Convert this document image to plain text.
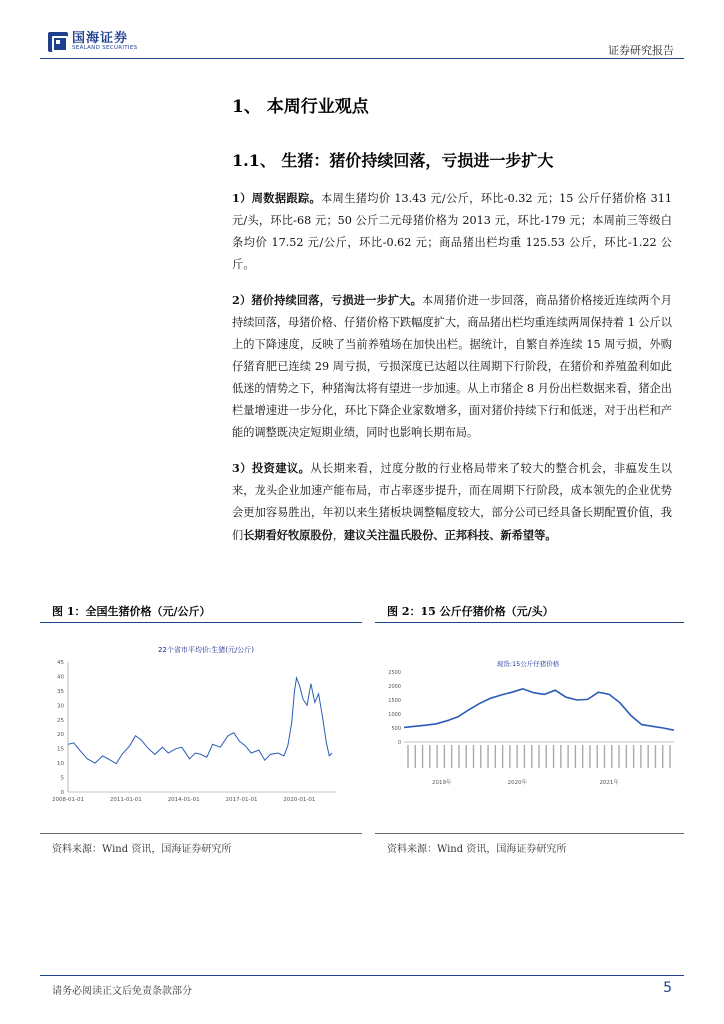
国海证券
SEALAND SECURITIES	证券研究报告
1、 本周行业观点
1.1、 生猪：猪价持续回落，亏损进一步扩大
1）周数据跟踪。本周生猪均价 13.43 元/公斤，环比-0.32 元；15 公斤仔猪价格 311 元/头，环比-68 元；50 公斤二元母猪价格为 2013 元，环比-179 元；本周前三等级白条均价 17.52 元/公斤，环比-0.62 元；商品猪出栏均重 125.53 公斤，环比-1.22 公斤。
2）猪价持续回落，亏损进一步扩大。本周猪价进一步回落，商品猪价格接近连续两个月持续回落，母猪价格、仔猪价格下跌幅度扩大，商品猪出栏均重连续两周保持着 1 公斤以上的下降速度，反映了当前养殖场在加快出栏。据统计，自繁自养连续 15 周亏损，外购仔猪育肥已连续 29 周亏损，亏损深度已达超以往周期下行阶段，在猪价和养殖盈利如此低迷的情势之下，种猪淘汰将有望进一步加速。从上市猪企 8 月份出栏数据来看，猪企出栏量增速进一步分化，环比下降企业家数增多，面对猪价持续下行和低迷，对于出栏和产能的调整既决定短期业绩，同时也影响长期布局。
3）投资建议。从长期来看，过度分散的行业格局带来了较大的整合机会，非瘟发生以来，龙头企业加速产能布局，市占率逐步提升，而在周期下行阶段，成本领先的企业优势会更加容易胜出，年初以来生猪板块调整幅度较大，部分公司已经具备长期配置价值，我们长期看好牧原股份，建议关注温氏股份、正邦科技、新希望等。
图 1：全国生猪价格（元/公斤）	图 2：15 公斤仔猪价格（元/头）
22个省市平均价:生猪(元/公斤)
0
5
10
15
20
25
30
35
40
45
2008-01-01	2011-01-01	2014-01-01	2017-01-01	2020-01-01
现货:15公斤仔猪价格
0
500
1000
1500
2000
2500
2019年	2020年	2021年
资料来源：Wind 资讯，国海证券研究所	资料来源：Wind 资讯，国海证券研究所
请务必阅读正文后免责条款部分	5
